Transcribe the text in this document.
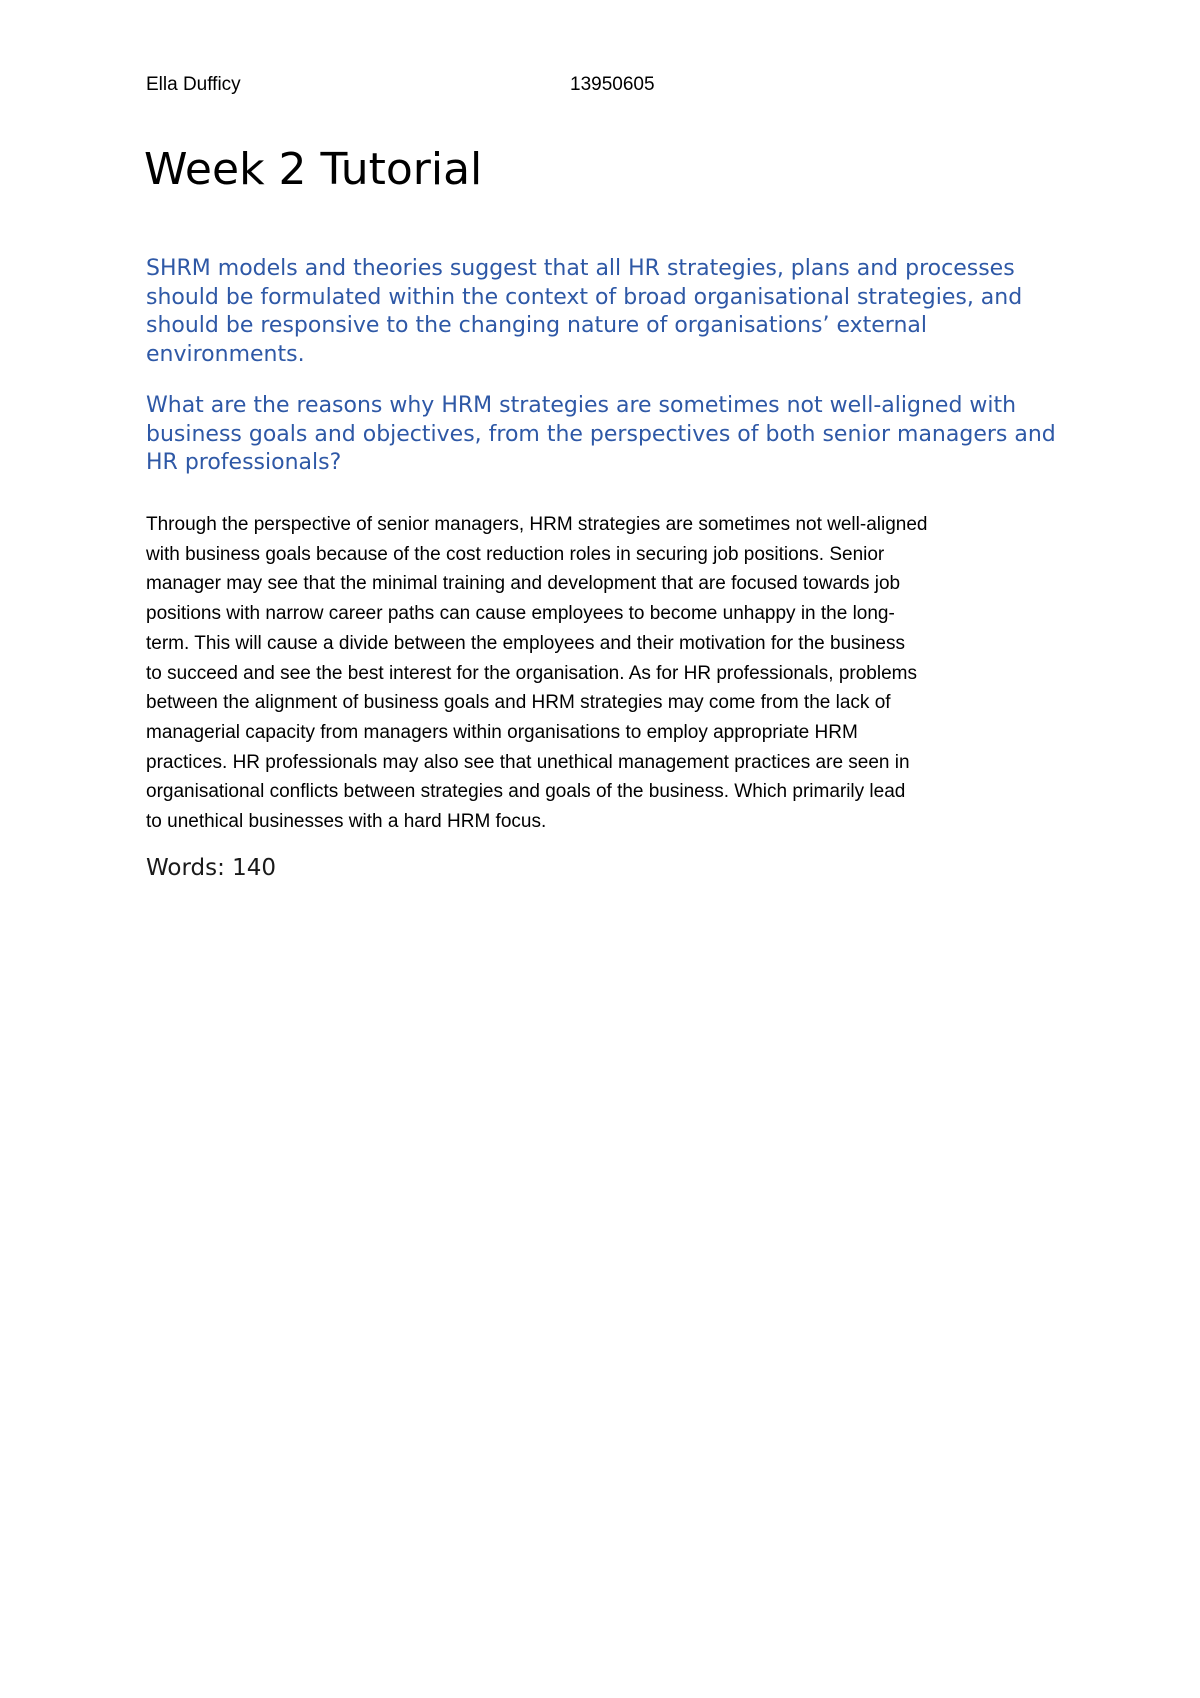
Ella Dufficy	13950605
Week 2 Tutorial

SHRM models and theories suggest that all HR strategies, plans and processes should be formulated within the context of broad organisational strategies, and should be responsive to the changing nature of organisations’ external environments.

What are the reasons why HRM strategies are sometimes not well-aligned with business goals and objectives, from the perspectives of both senior managers and HR professionals?

Through the perspective of senior managers, HRM strategies are sometimes not well-aligned
with business goals because of the cost reduction roles in securing job positions. Senior
manager may see that the minimal training and development that are focused towards job
positions with narrow career paths can cause employees to become unhappy in the long-
term. This will cause a divide between the employees and their motivation for the business
to succeed and see the best interest for the organisation. As for HR professionals, problems
between the alignment of business goals and HRM strategies may come from the lack of
managerial capacity from managers within organisations to employ appropriate HRM
practices. HR professionals may also see that unethical management practices are seen in
organisational conflicts between strategies and goals of the business. Which primarily lead
to unethical businesses with a hard HRM focus.

Words: 140
